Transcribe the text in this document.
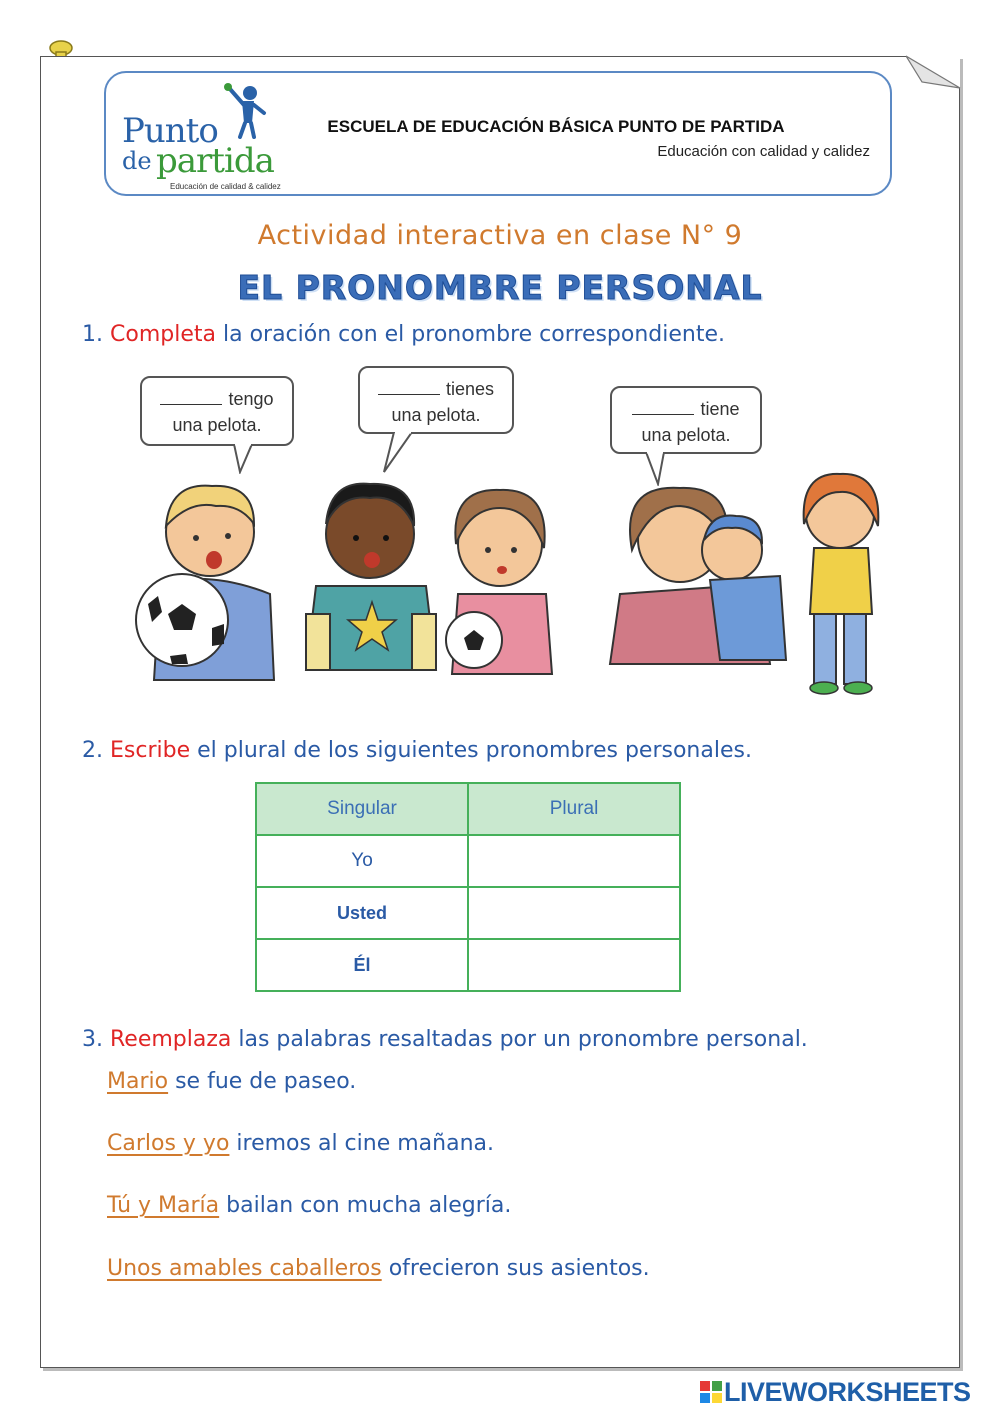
Punto
de partida
Educación de calidad & calidez
ESCUELA DE EDUCACIÓN BÁSICA PUNTO DE PARTIDA
Educación con calidad y calidez
Actividad interactiva en clase N° 9
EL PRONOMBRE PERSONAL
1. Completa la oración con el pronombre correspondiente.
tengo
una pelota.
tienes
una pelota.	tiene
una pelota.
2. Escribe el plural de los siguientes pronombres personales.
Singular	Plural
Yo	
Usted	
Él	
3. Reemplaza las palabras resaltadas por un pronombre personal.
Mario se fue de paseo.
Carlos y yo iremos al cine mañana.
Tú y María bailan con mucha alegría.
Unos amables caballeros ofrecieron sus asientos.
LIVEWORKSHEETS
